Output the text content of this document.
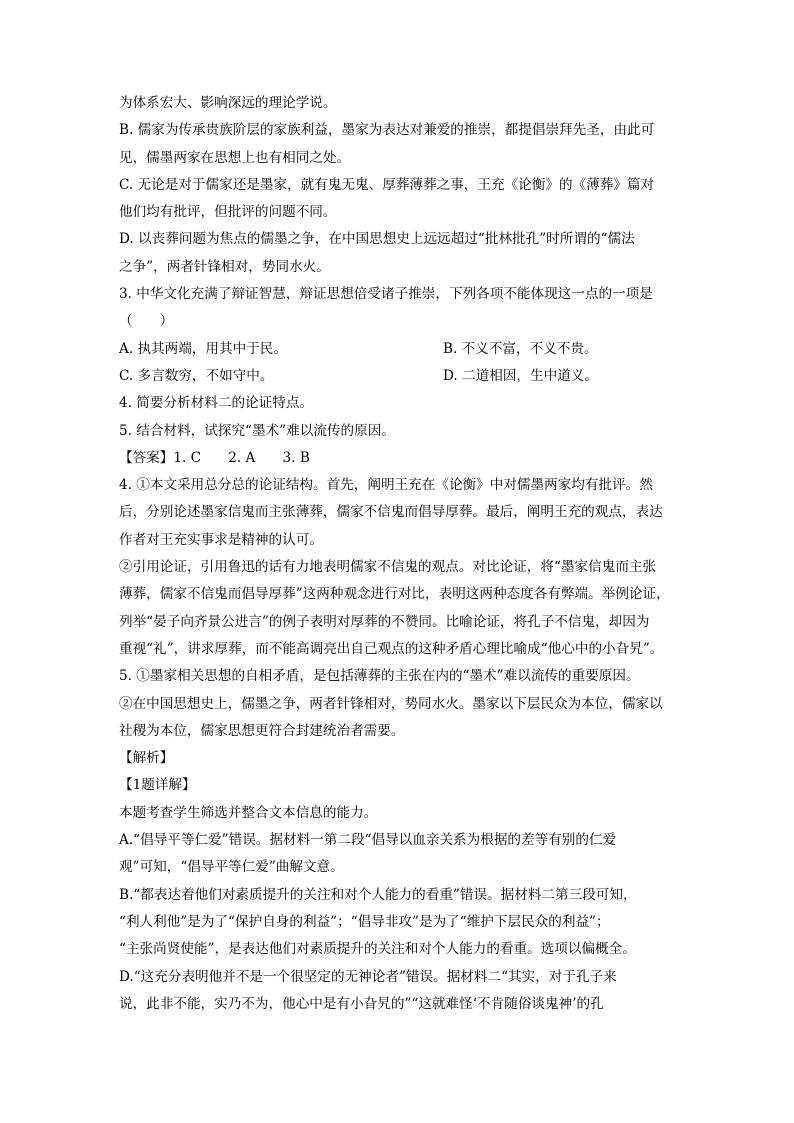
为体系宏大、影响深远的理论学说。
B. 儒家为传承贵族阶层的家族利益，墨家为表达对兼爱的推崇，都提倡崇拜先圣，由此可
见，儒墨两家在思想上也有相同之处。
C. 无论是对于儒家还是墨家，就有鬼无鬼、厚葬薄葬之事，王充《论衡》的《薄葬》篇对
他们均有批评，但批评的问题不同。
D. 以丧葬问题为焦点的儒墨之争，在中国思想史上远远超过“批林批孔”时所谓的“儒法
之争”，两者针锋相对，势同水火。
3. 中华文化充满了辩证智慧，辩证思想倍受诸子推崇，下列各项不能体现这一点的一项是
（　　）
A. 执其两端，用其中于民。	B. 不义不富，不义不贵。
C. 多言数穷，不如守中。	D. 二道相因，生中道义。
4. 简要分析材料二的论证特点。
5. 结合材料，试探究“墨术”难以流传的原因。
【答案】1. C　　2. A　　3. B
4. ①本文采用总分总的论证结构。首先，阐明王充在《论衡》中对儒墨两家均有批评。然
后，分别论述墨家信鬼而主张薄葬，儒家不信鬼而倡导厚葬。最后，阐明王充的观点，表达
作者对王充实事求是精神的认可。
②引用论证，引用鲁迅的话有力地表明儒家不信鬼的观点。对比论证，将“墨家信鬼而主张
薄葬，儒家不信鬼而倡导厚葬”这两种观念进行对比，表明这两种态度各有弊端。举例论证，
列举“晏子向齐景公进言”的例子表明对厚葬的不赞同。比喻论证，将孔子不信鬼，却因为
重视“礼”，讲求厚葬，而不能高调亮出自己观点的这种矛盾心理比喻成“他心中的小旮旯”。
5. ①墨家相关思想的自相矛盾，是包括薄葬的主张在内的“墨术”难以流传的重要原因。
②在中国思想史上，儒墨之争，两者针锋相对，势同水火。墨家以下层民众为本位，儒家以
社稷为本位，儒家思想更符合封建统治者需要。
【解析】
【1题详解】
本题考查学生筛选并整合文本信息的能力。
A.“倡导平等仁爱”错误。据材料一第二段“倡导以血亲关系为根据的差等有别的仁爱
观”可知，“倡导平等仁爱”曲解文意。
B.“都表达着他们对素质提升的关注和对个人能力的看重”错误。据材料二第三段可知，
“利人利他”是为了“保护自身的利益”；“倡导非攻”是为了“维护下层民众的利益”；
“主张尚贤使能”，是表达他们对素质提升的关注和对个人能力的看重。选项以偏概全。
D.“这充分表明他并不是一个很坚定的无神论者”错误。据材料二“其实，对于孔子来
说，此非不能，实乃不为，他心中是有小旮旯的”“这就难怪‘不肯随俗谈鬼神’的孔
